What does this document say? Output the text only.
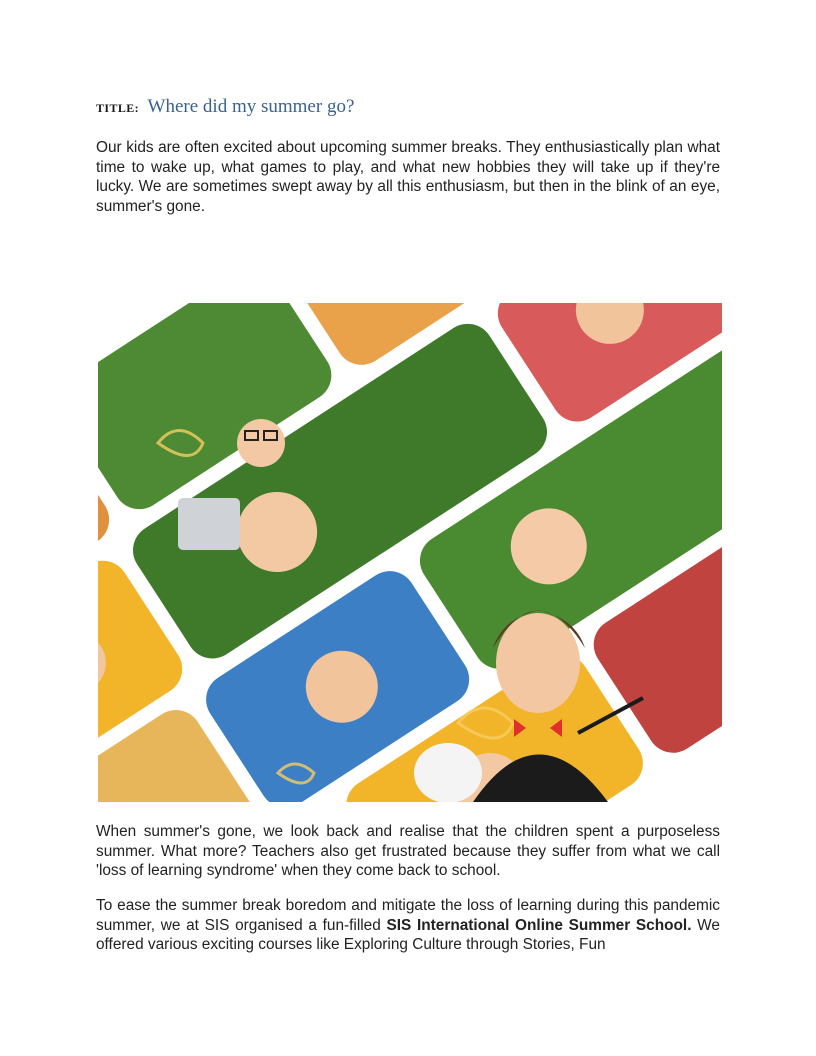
TITLE: Where did my summer go?

Our kids are often excited about upcoming summer breaks. They enthusiastically plan what time to wake up, what games to play, and what new hobbies they will take up if they're lucky. We are sometimes swept away by all this enthusiasm, but then in the blink of an eye, summer's gone.

When summer's gone, we look back and realise that the children spent a purposeless summer. What more? Teachers also get frustrated because they suffer from what we call 'loss of learning syndrome' when they come back to school.

To ease the summer break boredom and mitigate the loss of learning during this pandemic summer, we at SIS organised a fun-filled SIS International Online Summer School. We offered various exciting courses like Exploring Culture through Stories, Fun
